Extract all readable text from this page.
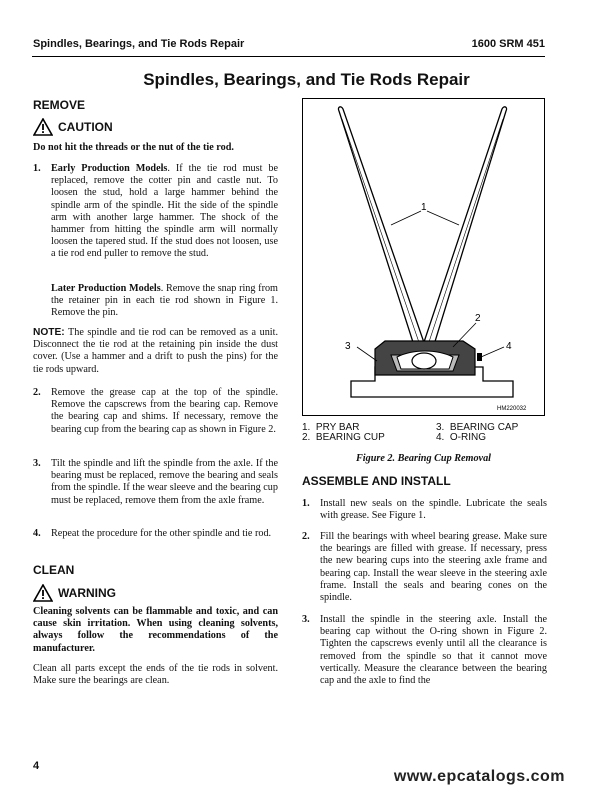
Spindles, Bearings, and Tie Rods Repair	1600 SRM 451
Spindles, Bearings, and Tie Rods Repair
REMOVE
CAUTION
Do not hit the threads or the nut of the tie rod.
1. Early Production Models. If the tie rod must be replaced, remove the cotter pin and castle nut. To loosen the stud, hold a large hammer behind the spindle arm of the spindle. Hit the side of the spindle arm with another large hammer. The shock of the hammer from hitting the spindle arm will normally loosen the tapered stud. If the stud does not loosen, use a tie rod end puller to remove the stud.

Later Production Models. Remove the snap ring from the retainer pin in each tie rod shown in Figure 1. Remove the pin.

NOTE: The spindle and tie rod can be removed as a unit. Disconnect the tie rod at the retaining pin inside the dust cover. (Use a hammer and a drift to push the pins) for the tie rods upward.

2. Remove the grease cap at the top of the spindle. Remove the capscrews from the bearing cap. Remove the bearing cap and shims. If necessary, remove the bearing cup from the bearing cap as shown in Figure 2.

3. Tilt the spindle and lift the spindle from the axle. If the bearing must be replaced, remove the bearing and seals from the spindle. If the wear sleeve and the bearing cup must be replaced, remove them from the axle frame.

4. Repeat the procedure for the other spindle and tie rod.

CLEAN
WARNING
Cleaning solvents can be flammable and toxic, and can cause skin irritation. When using cleaning solvents, always follow the recommendations of the manufacturer.
Clean all parts except the ends of the tie rods in solvent. Make sure the bearings are clean.
1
2
3	4
HM220032
1. PRY BAR
2. BEARING CUP
3. BEARING CAP
4. O-RING
Figure 2. Bearing Cup Removal
ASSEMBLE AND INSTALL
1. Install new seals on the spindle. Lubricate the seals with grease. See Figure 1.

2. Fill the bearings with wheel bearing grease. Make sure the bearings are filled with grease. If necessary, press the new bearing cups into the steering axle frame and bearing cap. Install the wear sleeve in the steering axle frame. Install the seals and bearing cones on the spindle.

3. Install the spindle in the steering axle. Install the bearing cap without the O-ring shown in Figure 2. Tighten the capscrews evenly until all the clearance is removed from the spindle so that it cannot move vertically. Measure the clearance between the bearing cap and the axle to find the

4
www.epcatalogs.com
